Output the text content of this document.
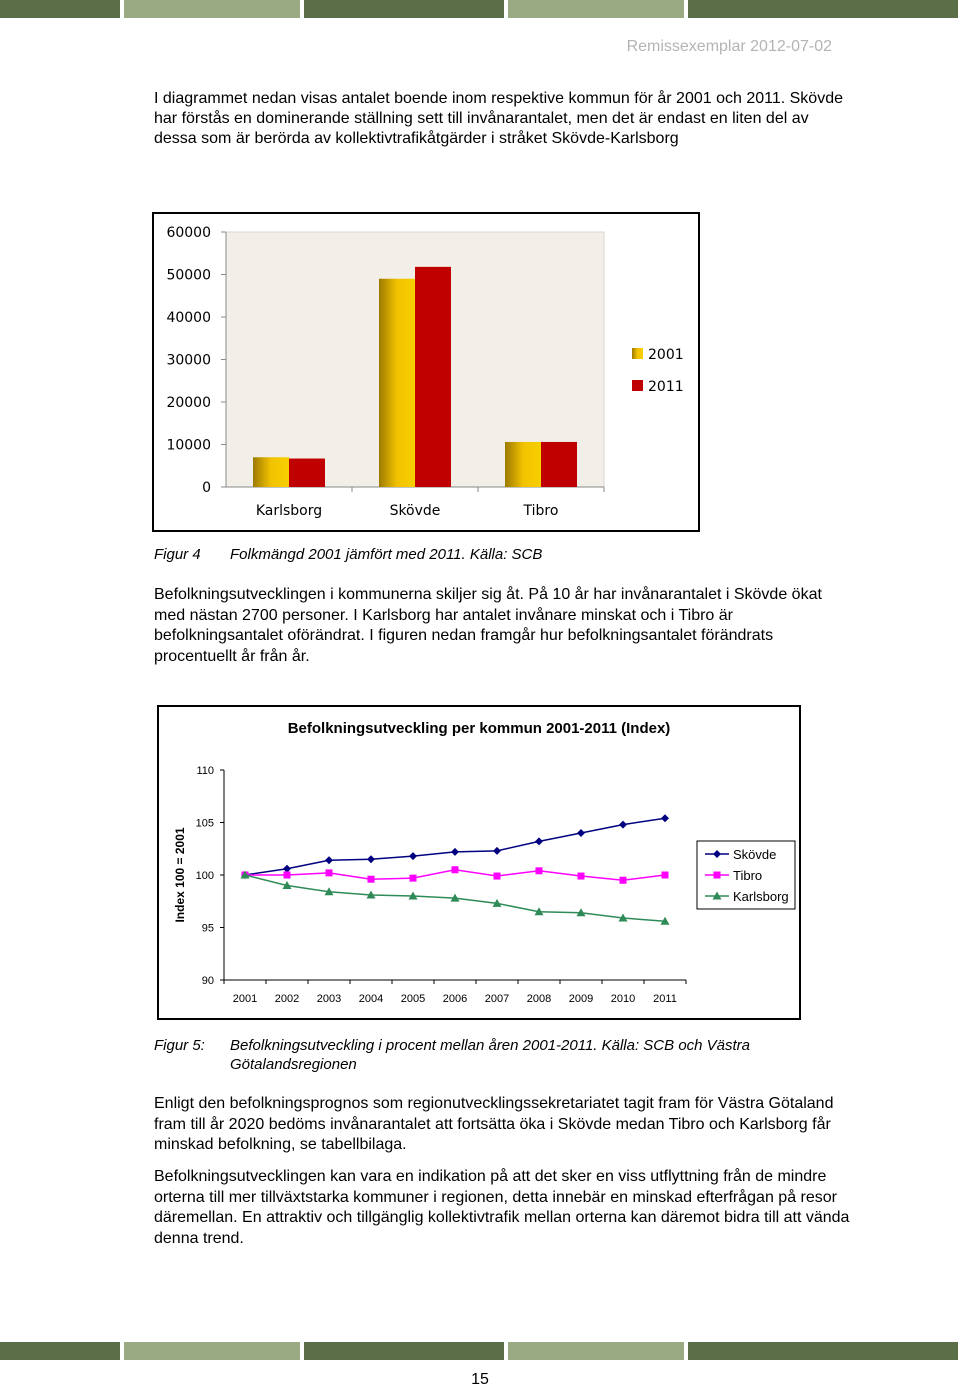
Remissexemplar 2012-07-02

I diagrammet nedan visas antalet boende inom respektive kommun för år 2001 och 2011. Skövde har förstås en dominerande ställning sett till invånarantalet, men det är endast en liten del av dessa som är berörda av kollektivtrafikåtgärder i stråket Skövde-Karlsborg

60000
50000
40000
30000
20000
10000
0
Karlsborg	Skövde	Tibro
2001
2011
Figur 4 Folkmängd 2001 jämfört med 2011. Källa: SCB

Befolkningsutvecklingen i kommunerna skiljer sig åt. På 10 år har invånarantalet i Skövde ökat med nästan 2700 personer. I Karlsborg har antalet invånare minskat och i Tibro är befolkningsantalet oförändrat. I figuren nedan framgår hur befolkningsantalet förändrats procentuellt år från år.

Befolkningsutveckling per kommun 2001-2011 (Index)
Index 100 = 2001
110
105
100
95
90
2001 2002 2003 2004 2005 2006 2007 2008 2009 2010 2011
Skövde
Tibro
Karlsborg
Figur 5: Befolkningsutveckling i procent mellan åren 2001-2011. Källa: SCB och Västra Götalandsregionen

Enligt den befolkningsprognos som regionutvecklingssekretariatet tagit fram för Västra Götaland fram till år 2020 bedöms invånarantalet att fortsätta öka i Skövde medan Tibro och Karlsborg får minskad befolkning, se tabellbilaga.

Befolkningsutvecklingen kan vara en indikation på att det sker en viss utflyttning från de mindre orterna till mer tillväxtstarka kommuner i regionen, detta innebär en minskad efterfrågan på resor däremellan. En attraktiv och tillgänglig kollektivtrafik mellan orterna kan däremot bidra till att vända denna trend.

15
